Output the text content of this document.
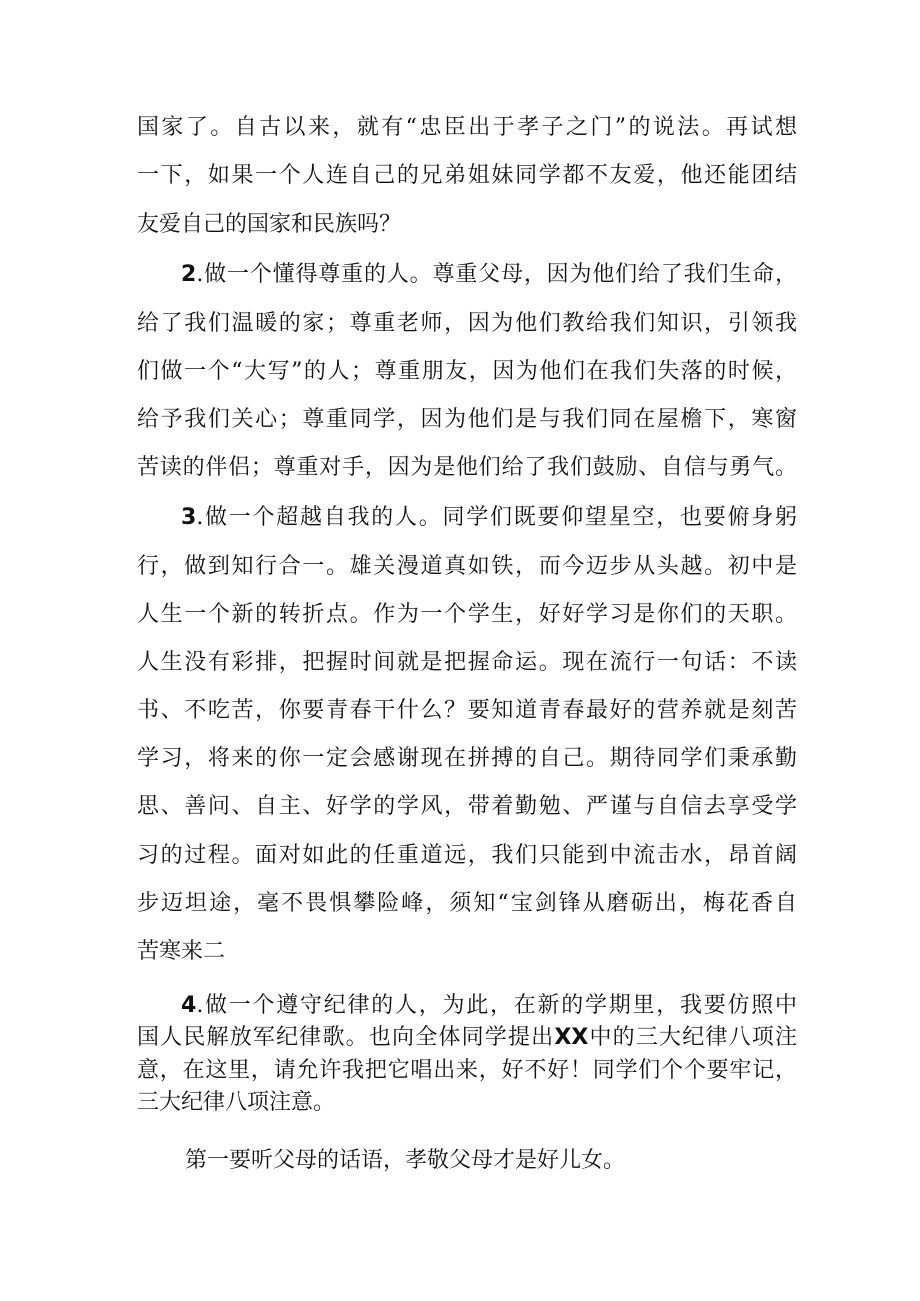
国家了。自古以来，就有“忠臣出于孝子之门”的说法。再试想
一下，如果一个人连自己的兄弟姐妹同学都不友爱，他还能团结
友爱自己的国家和民族吗？
2.做一个懂得尊重的人。尊重父母，因为他们给了我们生命，
给了我们温暖的家；尊重老师，因为他们教给我们知识，引领我
们做一个“大写”的人；尊重朋友，因为他们在我们失落的时候，
给予我们关心；尊重同学，因为他们是与我们同在屋檐下，寒窗
苦读的伴侣；尊重对手，因为是他们给了我们鼓励、自信与勇气。
3.做一个超越自我的人。同学们既要仰望星空，也要俯身躬
行，做到知行合一。雄关漫道真如铁，而今迈步从头越。初中是
人生一个新的转折点。作为一个学生，好好学习是你们的天职。
人生没有彩排，把握时间就是把握命运。现在流行一句话：不读
书、不吃苦，你要青春干什么？要知道青春最好的营养就是刻苦
学习，将来的你一定会感谢现在拼搏的自己。期待同学们秉承勤
思、善问、自主、好学的学风，带着勤勉、严谨与自信去享受学
习的过程。面对如此的任重道远，我们只能到中流击水，昂首阔
步迈坦途，毫不畏惧攀险峰，须知“宝剑锋从磨砺出，梅花香自
苦寒来二
4.做一个遵守纪律的人，为此，在新的学期里，我要仿照中
国人民解放军纪律歌。也向全体同学提出XX中的三大纪律八项注
意，在这里，请允许我把它唱出来，好不好！同学们个个要牢记，
三大纪律八项注意。
第一要听父母的话语，孝敬父母才是好儿女。
